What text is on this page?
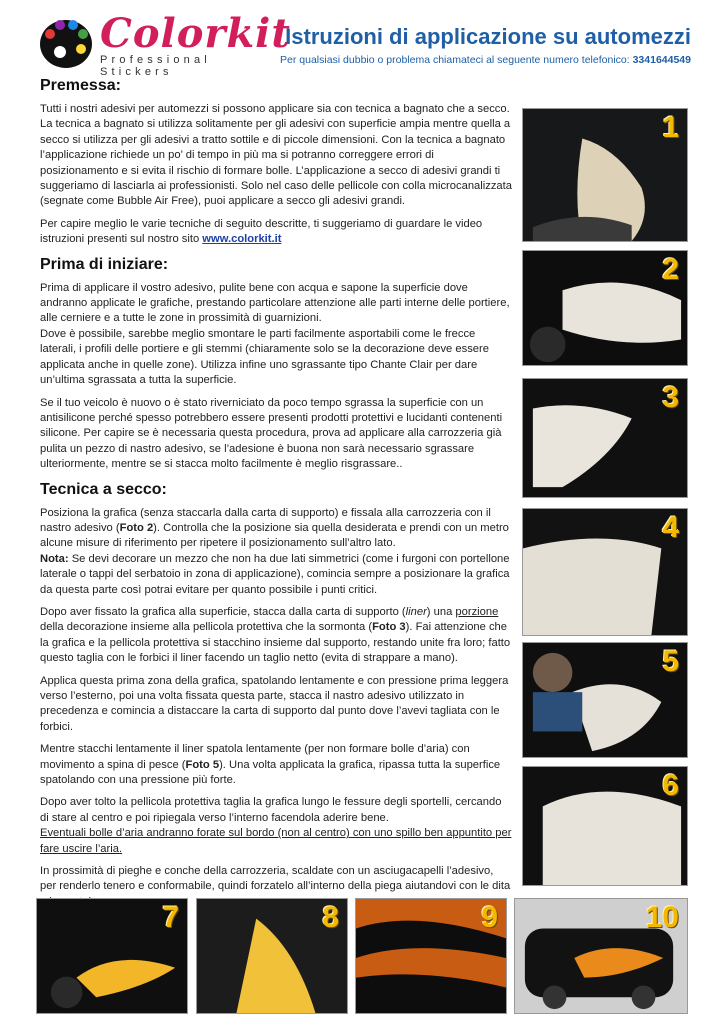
Colorkit
Professional Stickers
Istruzioni di applicazione su automezzi
Per qualsiasi dubbio o problema chiamateci al seguente numero telefonico: 3341644549
Premessa:

Tutti i nostri adesivi per automezzi si possono applicare sia con tecnica a bagnato che a secco. La tecnica a bagnato si utilizza solitamente per gli adesivi con superficie ampia mentre quella a secco si utilizza per gli adesivi a tratto sottile e di piccole dimensioni. Con la tecnica a bagnato l’applicazione richiede un po’ di tempo in più ma si potranno correggere errori di posizionamento e si evita il rischio di formare bolle. L’applicazione a secco di adesivi grandi ti suggeriamo di lasciarla ai professionisti. Solo nel caso delle pellicole con colla microcanalizzata (segnate come Bubble Air Free), puoi applicare a secco gli adesivi grandi.

Per capire meglio le varie tecniche di seguito descritte, ti suggeriamo di guardare le video istruzioni presenti sul nostro sito www.colorkit.it

Prima di iniziare:

Prima di applicare il vostro adesivo, pulite bene con acqua e sapone la superficie dove andranno applicate le grafiche, prestando particolare attenzione alle parti interne delle portiere, alle cerniere e a tutte le zone in prossimità di guarnizioni.
Dove è possibile, sarebbe meglio smontare le parti facilmente asportabili come le frecce laterali, i profili delle portiere e gli stemmi (chiaramente solo se la decorazione deve essere applicata anche in quelle zone). Utilizza infine uno sgrassante tipo Chante Clair per dare un’ultima sgrassata a tutta la superficie.

Se il tuo veicolo è nuovo o è stato riverniciato da poco tempo sgrassa la superficie con un antisilicone perché spesso potrebbero essere presenti prodotti protettivi e lucidanti contenenti silicone. Per capire se è necessaria questa procedura, prova ad applicare alla carrozzeria già pulita un pezzo di nastro adesivo, se l’adesione è buona non sarà necessario sgrassare ulteriormente, mentre se si stacca molto facilmente è meglio risgrassare..

Tecnica a secco:

Posiziona la grafica (senza staccarla dalla carta di supporto) e fissala alla carrozzeria con il nastro adesivo (Foto 2). Controlla che la posizione sia quella desiderata e prendi con un metro alcune misure di riferimento per ripetere il posizionamento sull’altro lato.
Nota: Se devi decorare un mezzo che non ha due lati simmetrici (come i furgoni con portellone laterale o tappi del serbatoio in zona di applicazione), comincia sempre a posizionare la grafica da questa parte così potrai evitare per quanto possibile i punti critici.

Dopo aver fissato la grafica alla superficie, stacca dalla carta di supporto (liner) una porzione della decorazione insieme alla pellicola protettiva che la sormonta (Foto 3). Fai attenzione che la grafica e la pellicola protettiva si stacchino insieme dal supporto, restando unite fra loro; fatto questo taglia con le forbici il liner facendo un taglio netto (evita di strappare a mano).

Applica questa prima zona della grafica, spatolando lentamente e con pressione prima leggera verso l’esterno, poi una volta fissata questa parte, stacca il nastro adesivo utilizzato in precedenza e comincia a distaccare la carta di supporto dal punto dove l’avevi tagliata con le forbici.

Mentre stacchi lentamente il liner spatola lentamente (per non formare bolle d’aria) con movimento a spina di pesce (Foto 5). Una volta applicata la grafica, ripassa tutta la superfice spatolando con una pressione più forte.

Dopo aver tolto la pellicola protettiva taglia la grafica lungo le fessure degli sportelli, cercando di stare al centro e poi ripiegala verso l’interno facendola aderire bene.
Eventuali bolle d’aria andranno forate sul bordo (non al centro) con uno spillo ben appuntito per fare uscire l’aria.

In prossimità di pieghe e conche della carrozzeria, scaldate con un asciugacapelli l’adesivo, per renderlo tenero e conformabile, quindi forzatelo all’interno della piega aiutandovi con le dita

1
2
3
4
5
6
7	8	9	10
